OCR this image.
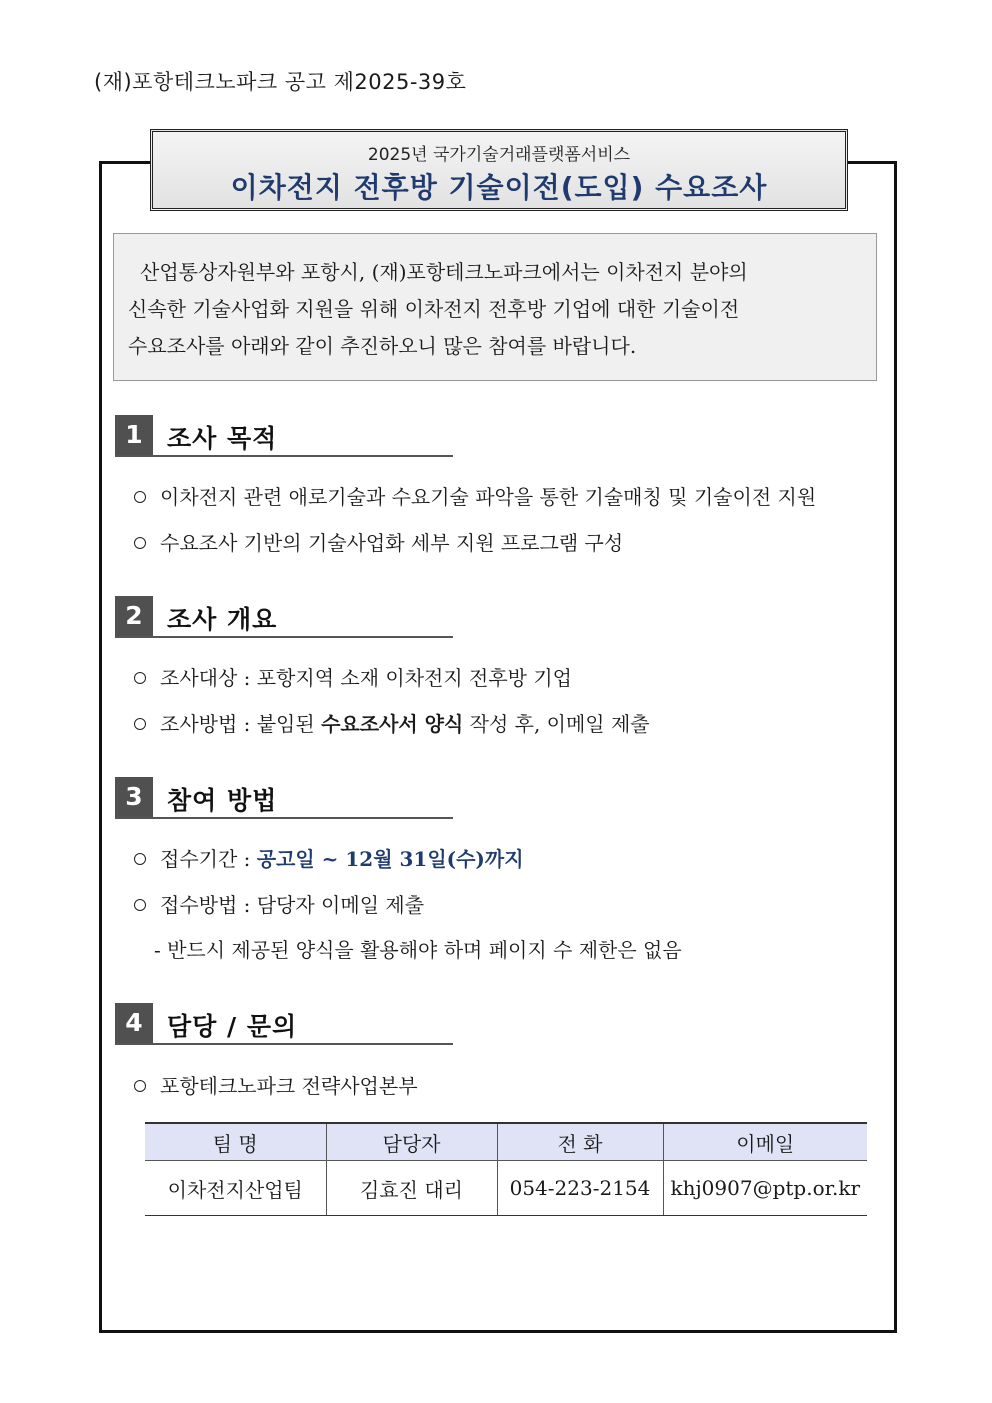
(재)포항테크노파크 공고 제2025-39호
2025년 국가기술거래플랫폼서비스
이차전지 전후방 기술이전(도입) 수요조사

산업통상자원부와 포항시, (재)포항테크노파크에서는 이차전지 분야의

신속한 기술사업화 지원을 위해 이차전지 전후방 기업에 대한 기술이전

수요조사를 아래와 같이 추진하오니 많은 참여를 바랍니다.

1 조사 목적
이차전지 관련 애로기술과 수요기술 파악을 통한 기술매칭 및 기술이전 지원
수요조사 기반의 기술사업화 세부 지원 프로그램 구성
2 조사 개요
조사대상 : 포항지역 소재 이차전지 전후방 기업
조사방법 : 붙임된 수요조사서 양식 작성 후, 이메일 제출
3 참여 방법
접수기간 : 공고일 ~ 12월 31일(수)까지
접수방법 : 담당자 이메일 제출
- 반드시 제공된 양식을 활용해야 하며 페이지 수 제한은 없음
4 담당 / 문의
포항테크노파크 전략사업본부
팀 명	담당자	전 화	이메일
이차전지산업팀	김효진 대리	054-223-2154	khj0907@ptp.or.kr
